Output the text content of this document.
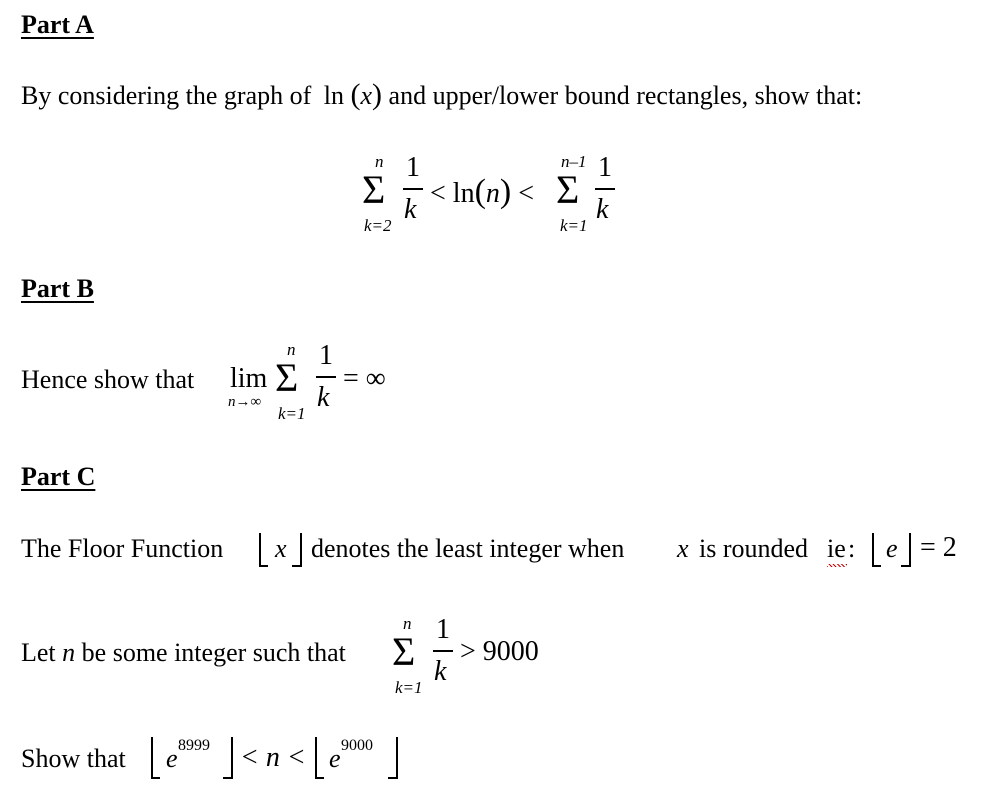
Part A
By considering the graph of ln (x) and upper/lower bound rectangles, show that:
n
Σ
k=2
1
k
< ln(n) <
n–1
Σ
k=1
1
k
Part B
Hence show that lim
n→∞
n
Σ
k=1
1
k
= ∞
Part C
The Floor Function x denotes the least integer when x is rounded ie : e = 2
Let n be some integer such that
n
Σ
k=1
1
k
> 9000
Show that e 8999 < n < e 9000
